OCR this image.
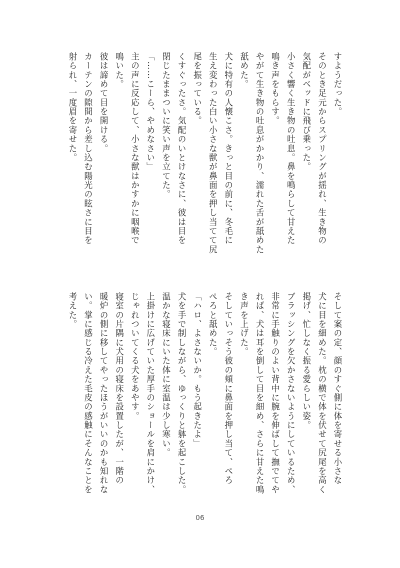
すようだった。

そのとき足元からスプリングが揺れ、生き物の

気配がベッドに飛び乗った。

小さく響く生き物の吐息。鼻を鳴らして甘えた

鳴き声をもらす。

やがて生き物の吐息がかかり、濡れた舌が舐めた

舐めた。

犬に特有の人懐こさ。きっと目の前に、冬毛に

生え変わった白い小さな獣が鼻面を押し当てて尻

尾を振っている。

くすぐったさ。気配のいとけなさに、彼は目を

閉じたままついに笑い声を立てた。

「……こーら、やめなさい」

主の声に反応して、小さな獣はかすかに咽喉で

鳴いた。

彼は諦めて目を開ける。

カーテンの隙間から差し込む陽光の眩さに目を

射られ、一度眉を寄せた。

そして案の定、顔のすぐ側に体を寄せる小さな

犬に目を細めた。枕の横で体を伏せて尻尾を高く

掲げ、忙しなく振る愛らしい姿。

ブラッシングを欠かさないようにしているため、

非常に手触りのよい背中に腕を伸ばして撫でてや

れば、犬は耳を倒して目を細め、さらに甘えた鳴

き声を上げた。

そしていっそう彼の頬に鼻面を押し当て、ぺろ

ぺろと舐めた。

「ハロ、よさないか。もう起きたよ」

犬を手で制しながら、ゆっくりと躰を起こした。

温かな寝床にいた体に室温は少し寒い。

上掛けに広げていた厚手のショールを肩にかけ、

じゃれついてくる犬をあやす。

寝室の片隅に犬用の寝床を設置したが、一階の

暖炉の側に移してやったほうがいいのかも知れな

い。掌に感じる冷えた毛皮の感触にそんなことを

考えた。

06
